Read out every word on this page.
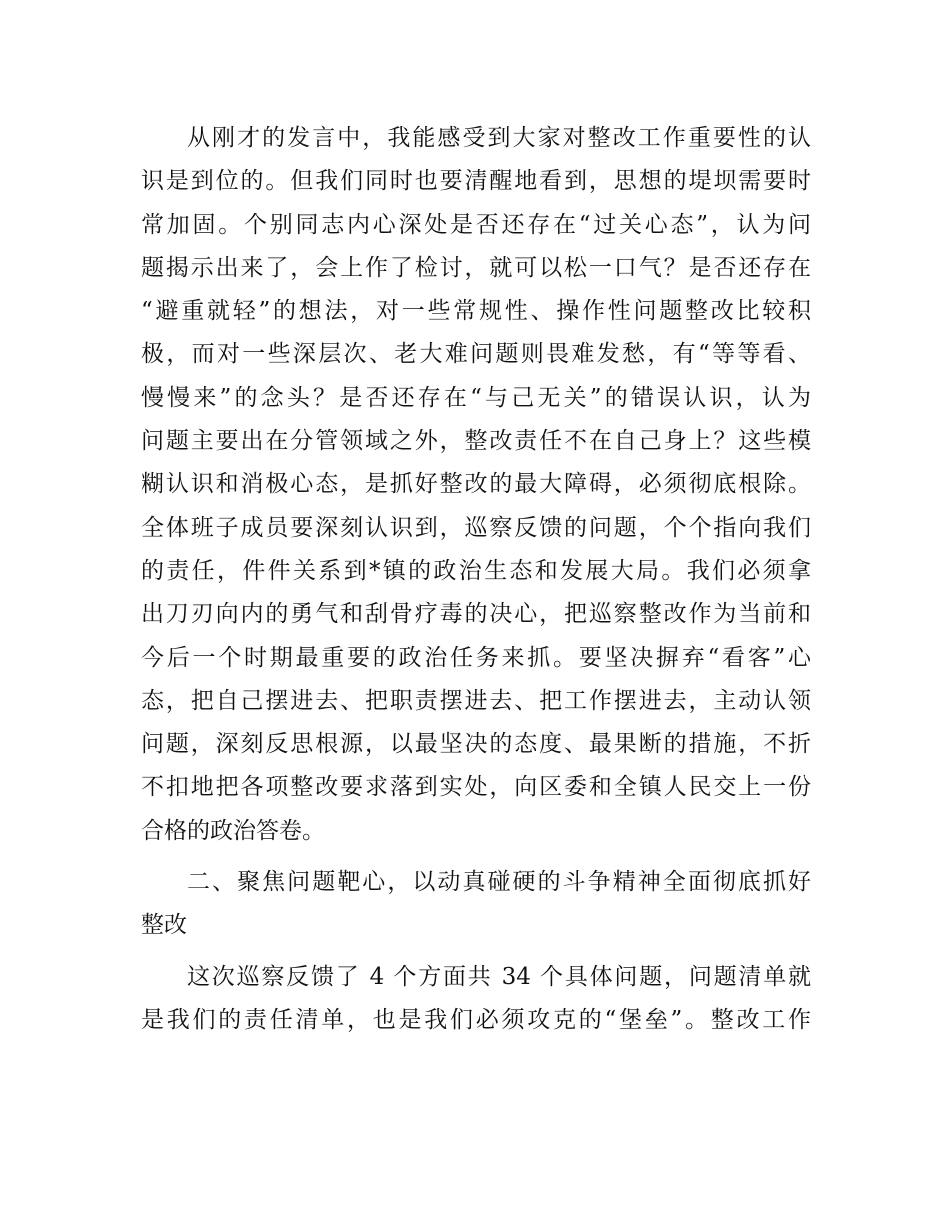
从刚才的发言中，我能感受到大家对整改工作重要性的认
识是到位的。但我们同时也要清醒地看到，思想的堤坝需要时
常加固。个别同志内心深处是否还存在“过关心态”，认为问
题揭示出来了，会上作了检讨，就可以松一口气？是否还存在
“避重就轻”的想法，对一些常规性、操作性问题整改比较积
极，而对一些深层次、老大难问题则畏难发愁，有“等等看、
慢慢来”的念头？是否还存在“与己无关”的错误认识，认为
问题主要出在分管领域之外，整改责任不在自己身上？这些模
糊认识和消极心态，是抓好整改的最大障碍，必须彻底根除。
全体班子成员要深刻认识到，巡察反馈的问题，个个指向我们
的责任，件件关系到*镇的政治生态和发展大局。我们必须拿
出刀刃向内的勇气和刮骨疗毒的决心，把巡察整改作为当前和
今后一个时期最重要的政治任务来抓。要坚决摒弃“看客”心
态，把自己摆进去、把职责摆进去、把工作摆进去，主动认领
问题，深刻反思根源，以最坚决的态度、最果断的措施，不折
不扣地把各项整改要求落到实处，向区委和全镇人民交上一份
合格的政治答卷。
二、聚焦问题靶心，以动真碰硬的斗争精神全面彻底抓好
整改
这次巡察反馈了 4 个方面共 34 个具体问题，问题清单就
是我们的责任清单，也是我们必须攻克的“堡垒”。整改工作
